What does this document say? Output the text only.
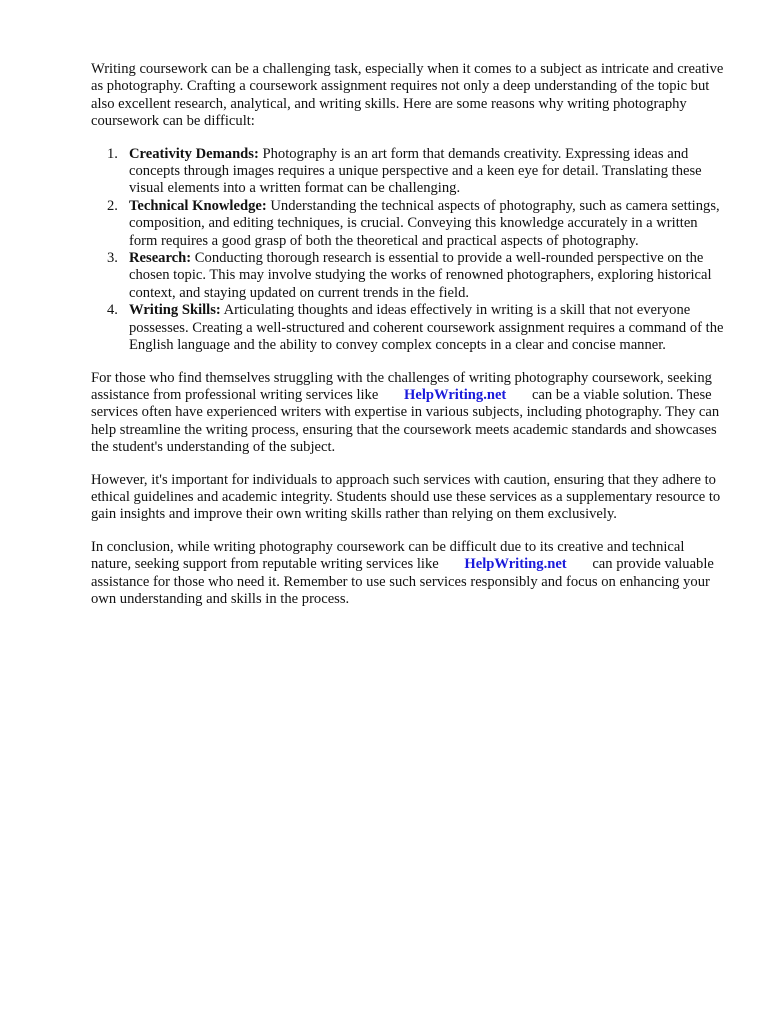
Writing coursework can be a challenging task, especially when it comes to a subject as intricate and creative as photography. Crafting a coursework assignment requires not only a deep understanding of the topic but also excellent research, analytical, and writing skills. Here are some reasons why writing photography coursework can be difficult:

1. Creativity Demands: Photography is an art form that demands creativity. Expressing ideas and concepts through images requires a unique perspective and a keen eye for detail. Translating these visual elements into a written format can be challenging.
2. Technical Knowledge: Understanding the technical aspects of photography, such as camera settings, composition, and editing techniques, is crucial. Conveying this knowledge accurately in a written form requires a good grasp of both the theoretical and practical aspects of photography.
3. Research: Conducting thorough research is essential to provide a well-rounded perspective on the chosen topic. This may involve studying the works of renowned photographers, exploring historical context, and staying updated on current trends in the field.
4. Writing Skills: Articulating thoughts and ideas effectively in writing is a skill that not everyone possesses. Creating a well-structured and coherent coursework assignment requires a command of the English language and the ability to convey complex concepts in a clear and concise manner.

For those who find themselves struggling with the challenges of writing photography coursework, seeking assistance from professional writing services like HelpWriting.net can be a viable solution. These services often have experienced writers with expertise in various subjects, including photography. They can help streamline the writing process, ensuring that the coursework meets academic standards and showcases the student's understanding of the subject.

However, it's important for individuals to approach such services with caution, ensuring that they adhere to ethical guidelines and academic integrity. Students should use these services as a supplementary resource to gain insights and improve their own writing skills rather than relying on them exclusively.

In conclusion, while writing photography coursework can be difficult due to its creative and technical nature, seeking support from reputable writing services like HelpWriting.net can provide valuable assistance for those who need it. Remember to use such services responsibly and focus on enhancing your own understanding and skills in the process.
